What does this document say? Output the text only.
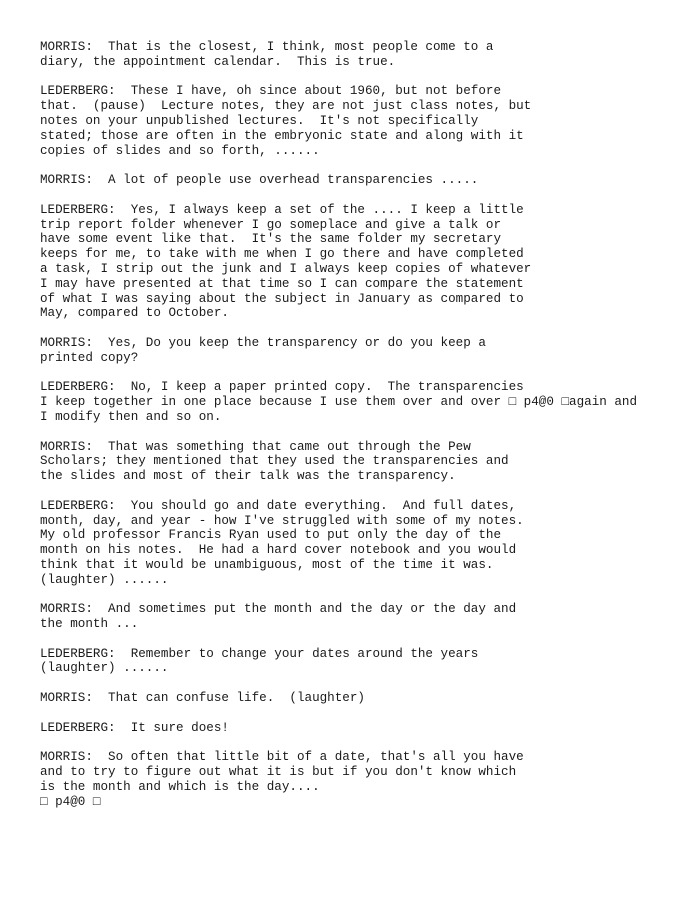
MORRIS:  That is the closest, I think, most people come to a
diary, the appointment calendar.  This is true.

LEDERBERG:  These I have, oh since about 1960, but not before
that.  (pause)  Lecture notes, they are not just class notes, but
notes on your unpublished lectures.  It's not specifically
stated; those are often in the embryonic state and along with it
copies of slides and so forth, ......

MORRIS:  A lot of people use overhead transparencies .....

LEDERBERG:  Yes, I always keep a set of the .... I keep a little
trip report folder whenever I go someplace and give a talk or
have some event like that.  It's the same folder my secretary
keeps for me, to take with me when I go there and have completed
a task, I strip out the junk and I always keep copies of whatever
I may have presented at that time so I can compare the statement
of what I was saying about the subject in January as compared to
May, compared to October.

MORRIS:  Yes, Do you keep the transparency or do you keep a
printed copy?

LEDERBERG:  No, I keep a paper printed copy.  The transparencies
I keep together in one place because I use them over and over □ p4@0 □again and
I modify then and so on.

MORRIS:  That was something that came out through the Pew
Scholars; they mentioned that they used the transparencies and
the slides and most of their talk was the transparency.

LEDERBERG:  You should go and date everything.  And full dates,
month, day, and year - how I've struggled with some of my notes.
My old professor Francis Ryan used to put only the day of the
month on his notes.  He had a hard cover notebook and you would
think that it would be unambiguous, most of the time it was.
(laughter) ......

MORRIS:  And sometimes put the month and the day or the day and
the month ...

LEDERBERG:  Remember to change your dates around the years
(laughter) ......

MORRIS:  That can confuse life.  (laughter)

LEDERBERG:  It sure does!

MORRIS:  So often that little bit of a date, that's all you have
and to try to figure out what it is but if you don't know which
is the month and which is the day....
□ p4@0 □
